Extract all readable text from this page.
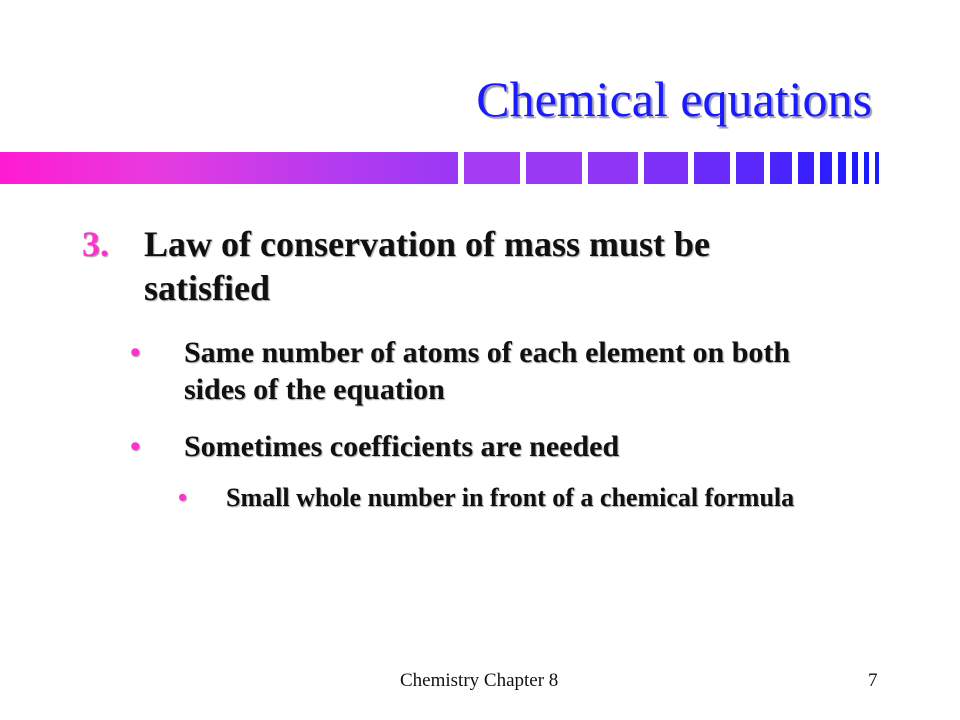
Chemical equations
3. Law of conservation of mass must be satisfied
• Same number of atoms of each element on both sides of the equation
• Sometimes coefficients are needed
• Small whole number in front of a chemical formula
Chemistry Chapter 8	7
